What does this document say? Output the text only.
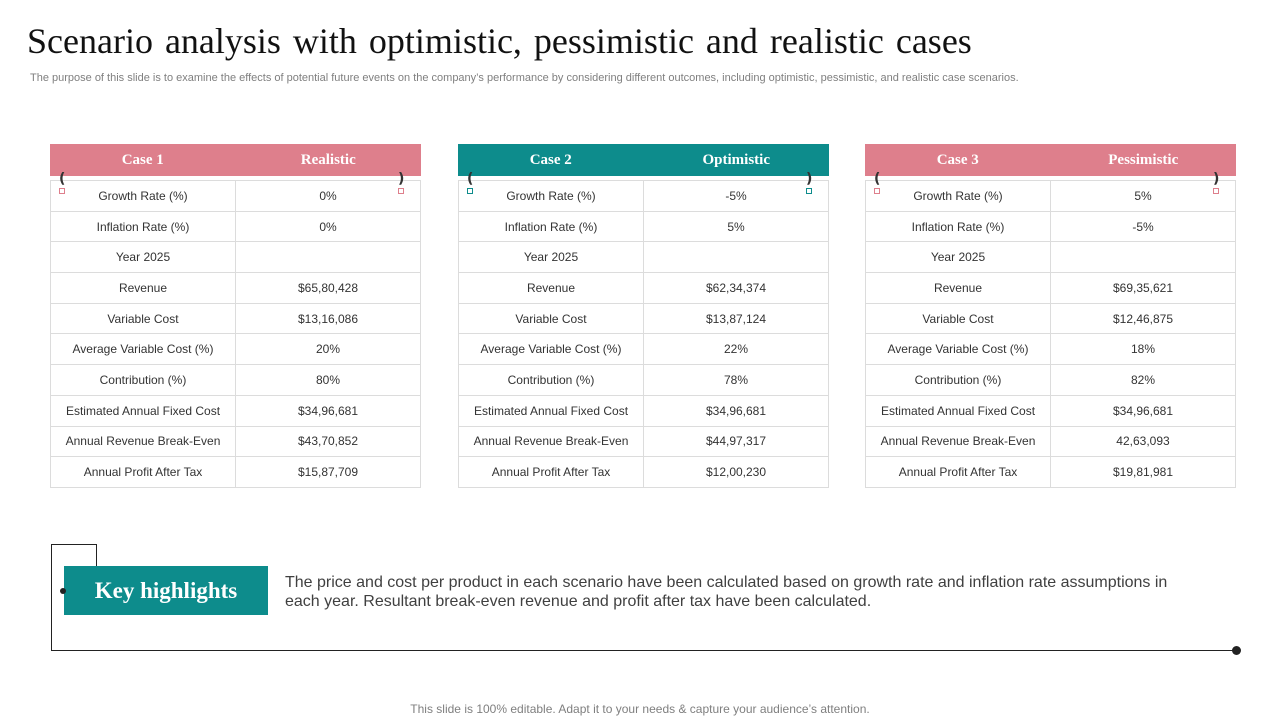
Scenario analysis with optimistic, pessimistic and realistic cases
The purpose of this slide is to examine the effects of potential future events on the company’s performance by considering different outcomes, including optimistic, pessimistic, and realistic case scenarios.
Case 1	Realistic
(	)
Growth Rate (%)	0%
Inflation Rate (%)	0%
Year 2025	
Revenue	$65,80,428
Variable Cost	$13,16,086
Average Variable Cost (%)	20%
Contribution (%)	80%
Estimated Annual Fixed Cost	$34,96,681
Annual Revenue Break-Even	$43,70,852
Annual Profit After Tax	$15,87,709
Case 2	Optimistic
(	)
Growth Rate (%)	-5%
Inflation Rate (%)	5%
Year 2025	
Revenue	$62,34,374
Variable Cost	$13,87,124
Average Variable Cost (%)	22%
Contribution (%)	78%
Estimated Annual Fixed Cost	$34,96,681
Annual Revenue Break-Even	$44,97,317
Annual Profit After Tax	$12,00,230
Case 3	Pessimistic
(	)
Growth Rate (%)	5%
Inflation Rate (%)	-5%
Year 2025	
Revenue	$69,35,621
Variable Cost	$12,46,875
Average Variable Cost (%)	18%
Contribution (%)	82%
Estimated Annual Fixed Cost	$34,96,681
Annual Revenue Break-Even	42,63,093
Annual Profit After Tax	$19,81,981
Key highlights	The price and cost per product in each scenario have been calculated based on growth rate and inflation rate assumptions in each year. Resultant break-even revenue and profit after tax have been calculated.
This slide is 100% editable. Adapt it to your needs & capture your audience’s attention.
